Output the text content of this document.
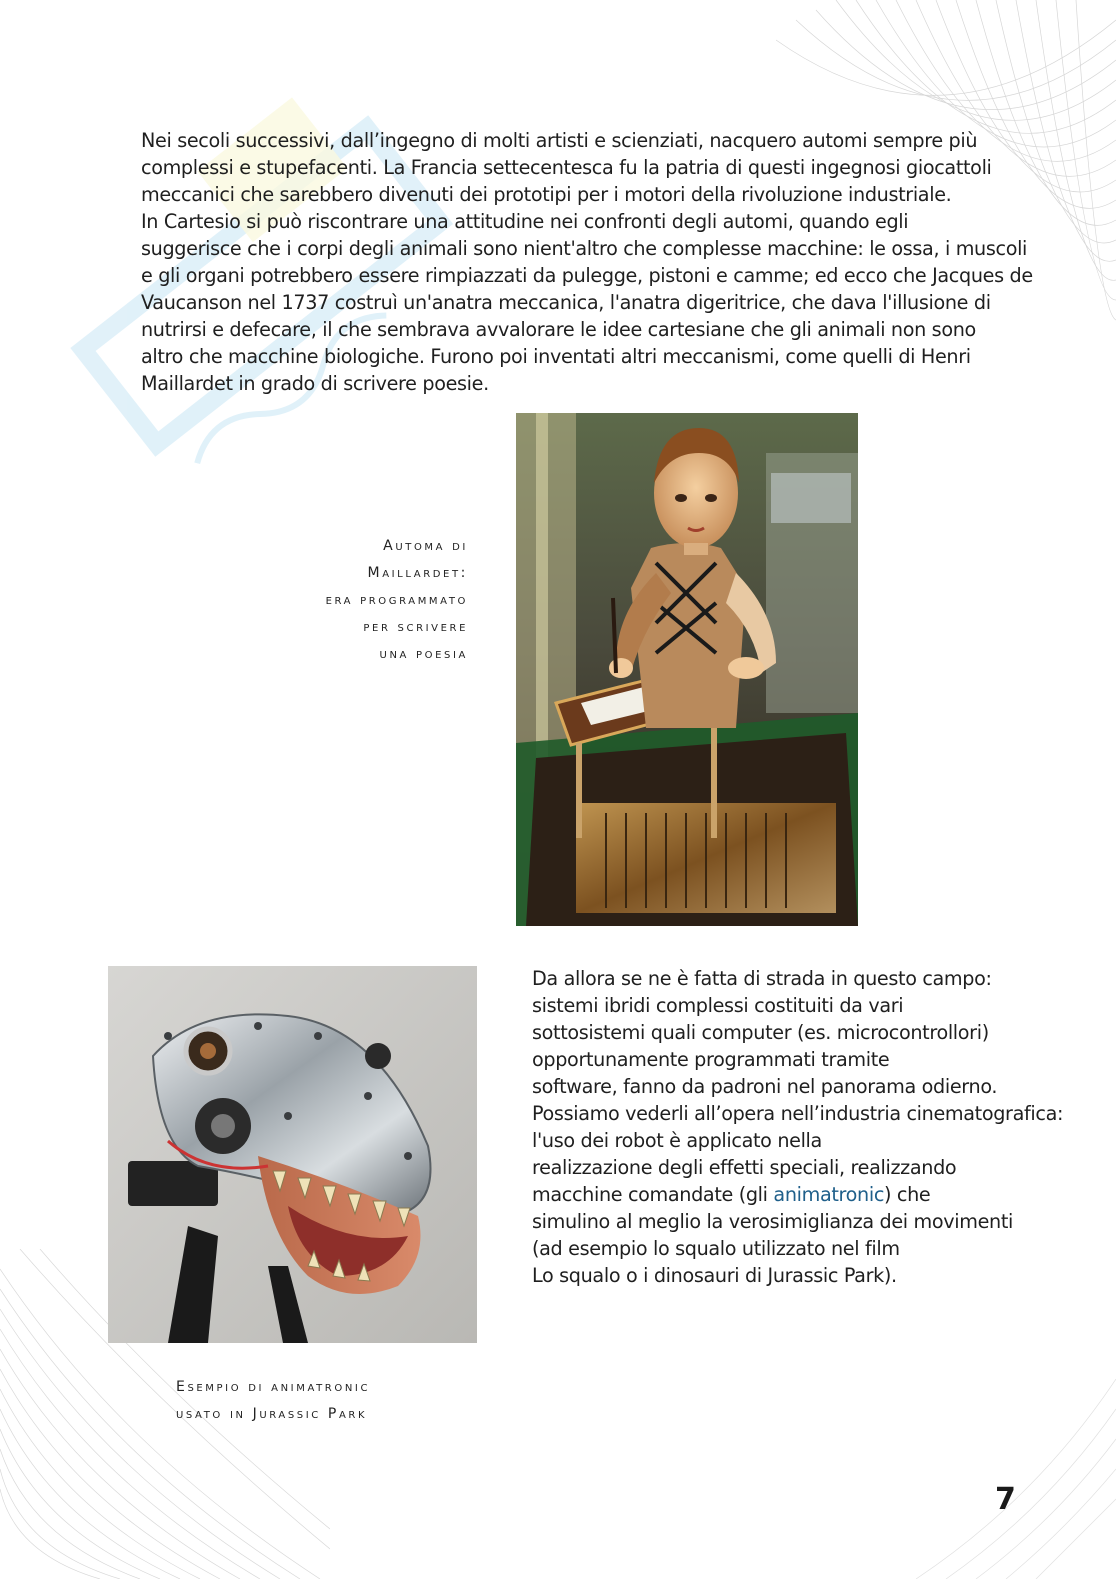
Nei secoli successivi, dall’ingegno di molti artisti e scienziati, nacquero automi sempre più
complessi e stupefacenti. La Francia settecentesca fu la patria di questi ingegnosi giocattoli
meccanici che sarebbero divenuti dei prototipi per i motori della rivoluzione industriale.
In Cartesio si può riscontrare una attitudine nei confronti degli automi, quando egli
suggerisce che i corpi degli animali sono nient'altro che complesse macchine: le ossa, i muscoli
e gli organi potrebbero essere rimpiazzati da pulegge, pistoni e camme; ed ecco che Jacques de
Vaucanson nel 1737 costruì un'anatra meccanica, l'anatra digeritrice, che dava l'illusione di
nutrirsi e defecare, il che sembrava avvalorare le idee cartesiane che gli animali non sono
altro che macchine biologiche. Furono poi inventati altri meccanismi, come quelli di Henri
Maillardet in grado di scrivere poesie.
Automa di
Maillardet:
era programmato
per scrivere
una poesia
Da allora se ne è fatta di strada in questo campo:
sistemi ibridi complessi costituiti da vari
sottosistemi quali computer (es. microcontrollori)
opportunamente programmati tramite
software, fanno da padroni nel panorama odierno.
Possiamo vederli all’opera nell’industria cinematografica:
l'uso dei robot è applicato nella
realizzazione degli effetti speciali, realizzando
macchine comandate (gli animatronic) che
simulino al meglio la verosimiglianza dei movimenti
(ad esempio lo squalo utilizzato nel film
Lo squalo o i dinosauri di Jurassic Park).
Esempio di animatronic
usato in Jurassic Park
7
